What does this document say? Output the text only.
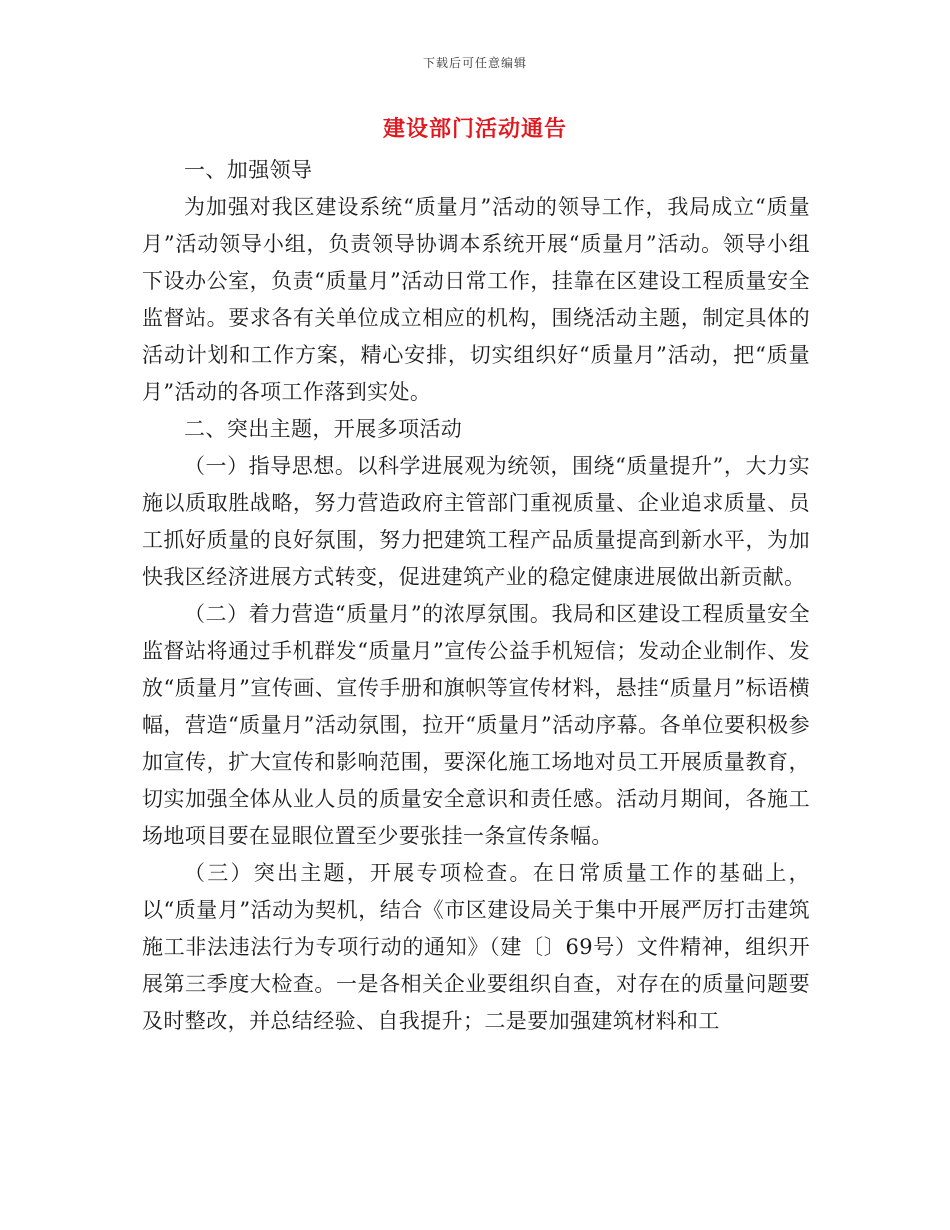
下载后可任意编辑
建设部门活动通告

一、加强领导

为加强对我区建设系统“质量月”活动的领导工作，我局成立“质量月”活动领导小组，负责领导协调本系统开展“质量月”活动。领导小组下设办公室，负责“质量月”活动日常工作，挂靠在区建设工程质量安全监督站。要求各有关单位成立相应的机构，围绕活动主题，制定具体的活动计划和工作方案，精心安排，切实组织好“质量月”活动，把“质量月”活动的各项工作落到实处。

二、突出主题，开展多项活动

（一）指导思想。以科学进展观为统领，围绕“质量提升”，大力实施以质取胜战略，努力营造政府主管部门重视质量、企业追求质量、员工抓好质量的良好氛围，努力把建筑工程产品质量提高到新水平，为加快我区经济进展方式转变，促进建筑产业的稳定健康进展做出新贡献。

（二）着力营造“质量月”的浓厚氛围。我局和区建设工程质量安全监督站将通过手机群发“质量月”宣传公益手机短信；发动企业制作、发放“质量月”宣传画、宣传手册和旗帜等宣传材料，悬挂“质量月”标语横幅，营造“质量月”活动氛围，拉开“质量月”活动序幕。各单位要积极参加宣传，扩大宣传和影响范围，要深化施工场地对员工开展质量教育，切实加强全体从业人员的质量安全意识和责任感。活动月期间，各施工场地项目要在显眼位置至少要张挂一条宣传条幅。

（三）突出主题，开展专项检查。在日常质量工作的基础上，以“质量月”活动为契机，结合《市区建设局关于集中开展严厉打击建筑施工非法违法行为专项行动的通知》（建〔〕69号）文件精神，组织开展第三季度大检查。一是各相关企业要组织自查，对存在的质量问题要及时整改，并总结经验、自我提升；二是要加强建筑材料和工
